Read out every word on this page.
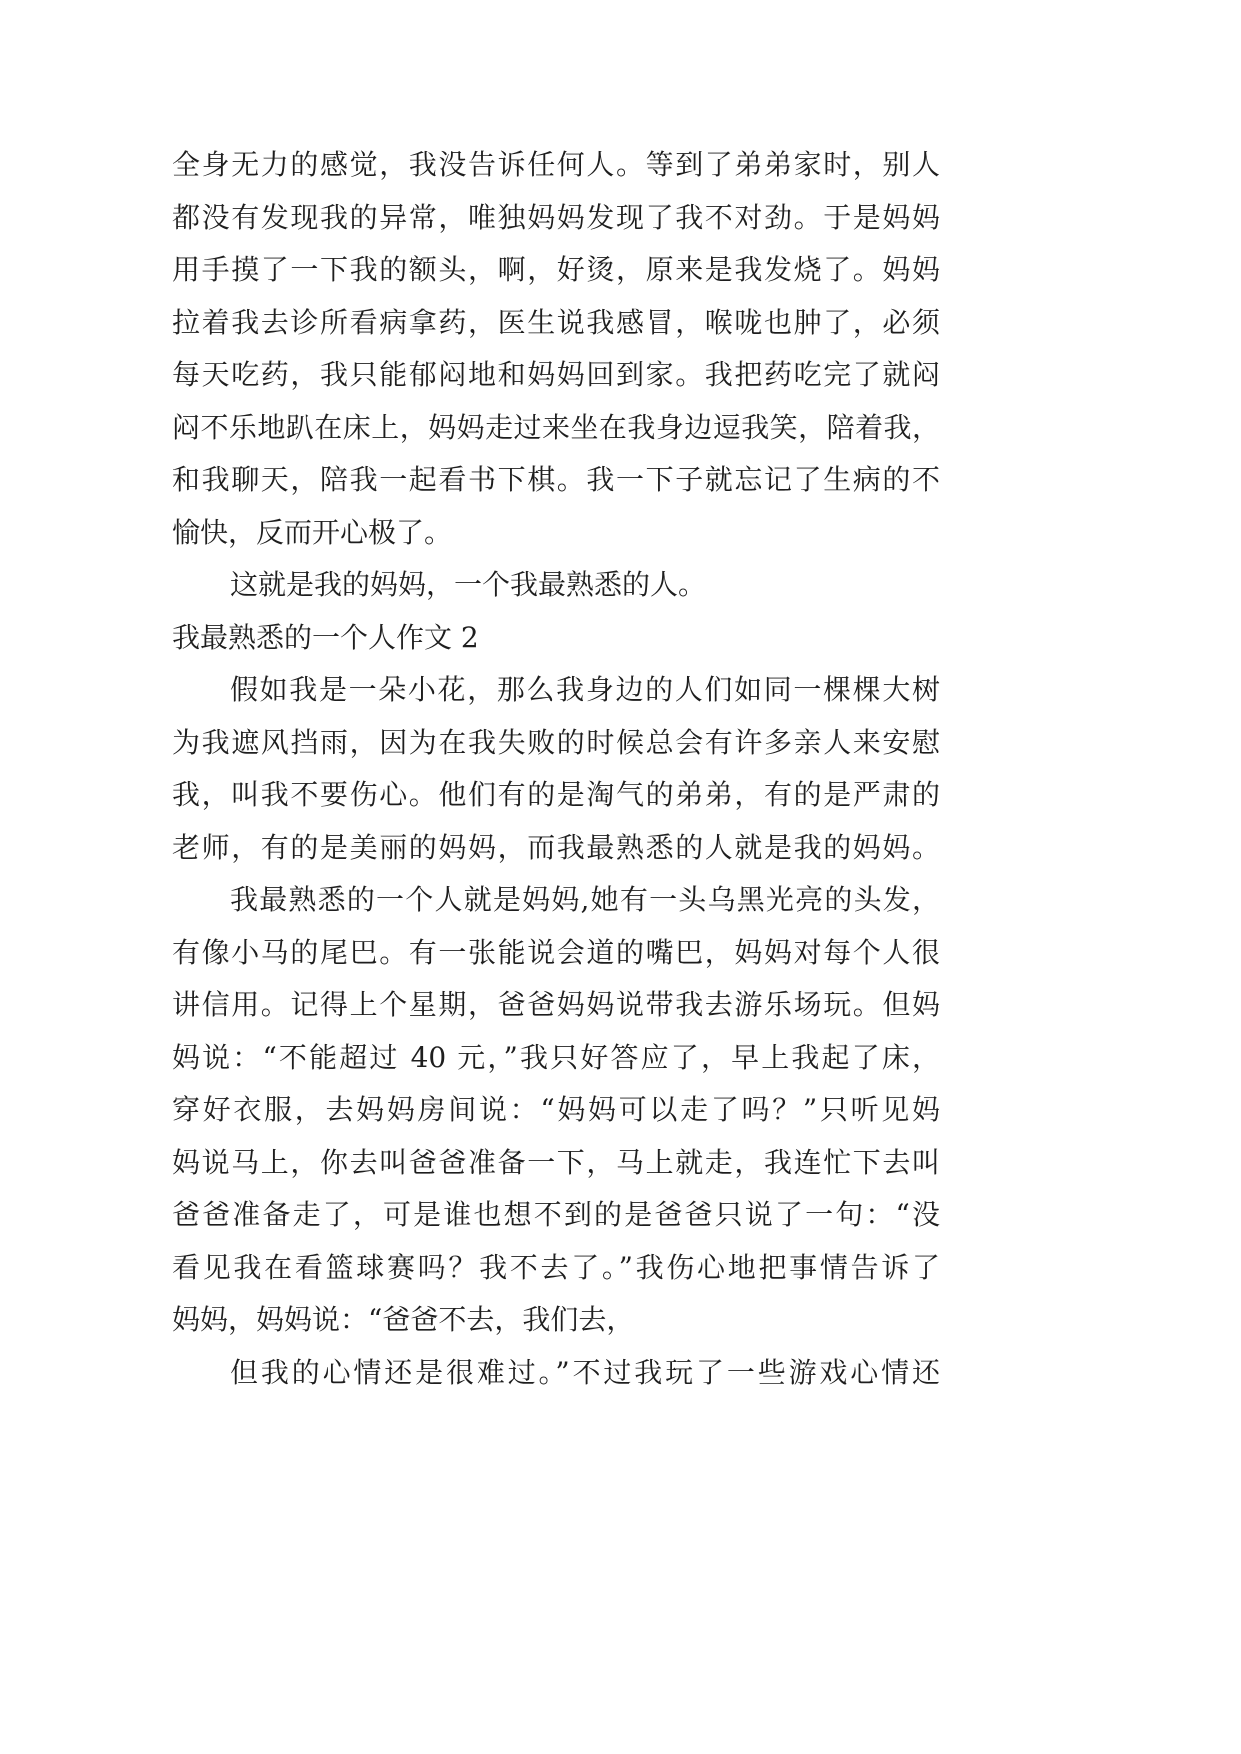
全身无力的感觉，我没告诉任何人。等到了弟弟家时，别人
都没有发现我的异常，唯独妈妈发现了我不对劲。于是妈妈
用手摸了一下我的额头，啊，好烫，原来是我发烧了。妈妈
拉着我去诊所看病拿药，医生说我感冒，喉咙也肿了，必须
每天吃药，我只能郁闷地和妈妈回到家。我把药吃完了就闷
闷不乐地趴在床上，妈妈走过来坐在我身边逗我笑，陪着我，
和我聊天，陪我一起看书下棋。我一下子就忘记了生病的不
愉快，反而开心极了。
这就是我的妈妈，一个我最熟悉的人。
我最熟悉的一个人作文 2
假如我是一朵小花，那么我身边的人们如同一棵棵大树
为我遮风挡雨，因为在我失败的时候总会有许多亲人来安慰
我，叫我不要伤心。他们有的是淘气的弟弟，有的是严肃的
老师，有的是美丽的妈妈，而我最熟悉的人就是我的妈妈。
我最熟悉的一个人就是妈妈,她有一头乌黑光亮的头发，
有像小马的尾巴。有一张能说会道的嘴巴，妈妈对每个人很
讲信用。记得上个星期，爸爸妈妈说带我去游乐场玩。但妈
妈说：“不能超过 40 元，”我只好答应了，早上我起了床，
穿好衣服，去妈妈房间说：“妈妈可以走了吗？”只听见妈
妈说马上，你去叫爸爸准备一下，马上就走，我连忙下去叫
爸爸准备走了，可是谁也想不到的是爸爸只说了一句：“没
看见我在看篮球赛吗？我不去了。”我伤心地把事情告诉了
妈妈，妈妈说：“爸爸不去，我们去，
但我的心情还是很难过。”不过我玩了一些游戏心情还
